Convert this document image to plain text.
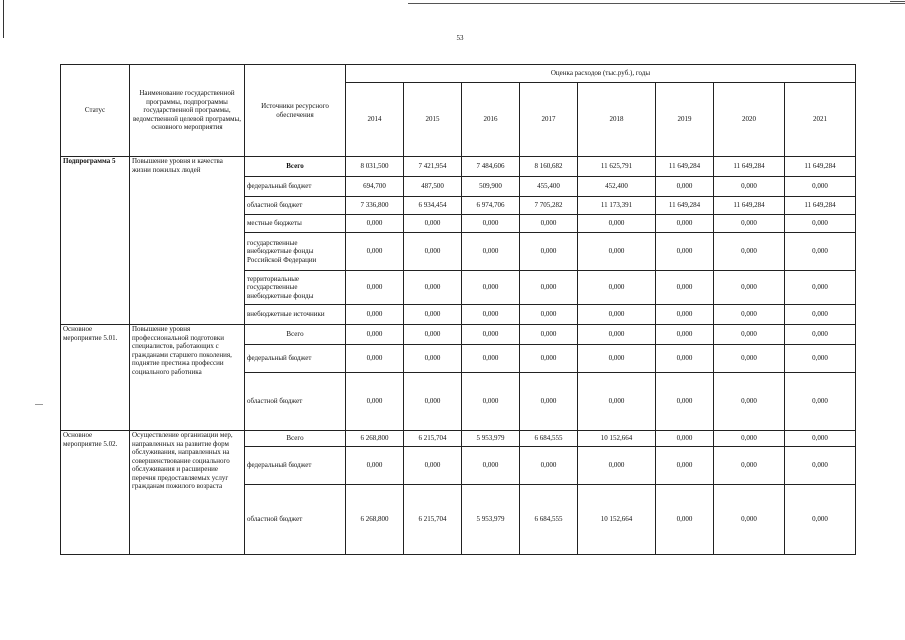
53
Статус	Наименование государственной программы, подпрограммы государственной программы, ведомственной целевой программы, основного мероприятия	Источники ресурсного обеспечения	Оценка расходов (тыс.руб.), годы							
			2014	2015	2016	2017	2018	2019	2020	2021
Подпрограмма 5	Повышение уровня и качества жизни пожилых людей	Всего	8 031,500	7 421,954	7 484,606	8 160,682	11 625,791	11 649,284	11 649,284	11 649,284
		федеральный бюджет	694,700	487,500	509,900	455,400	452,400	0,000	0,000	0,000
		областной бюджет	7 336,800	6 934,454	6 974,706	7 705,282	11 173,391	11 649,284	11 649,284	11 649,284
		местные бюджеты	0,000	0,000	0,000	0,000	0,000	0,000	0,000	0,000
		государственные внебюджетные фонды Российской Федерации	0,000	0,000	0,000	0,000	0,000	0,000	0,000	0,000
		территориальные государственные внебюджетные фонды	0,000	0,000	0,000	0,000	0,000	0,000	0,000	0,000
		внебюджетные источники	0,000	0,000	0,000	0,000	0,000	0,000	0,000	0,000
Основное мероприятие 5.01.	Повышение уровня профессиональной подготовки специалистов, работающих с гражданами старшего поколения, поднятие престижа профессии социального работника	Всего	0,000	0,000	0,000	0,000	0,000	0,000	0,000	0,000
		федеральный бюджет	0,000	0,000	0,000	0,000	0,000	0,000	0,000	0,000
		областной бюджет	0,000	0,000	0,000	0,000	0,000	0,000	0,000	0,000
Основное мероприятие 5.02.	Осуществление организации мер, направленных на развитие форм обслуживания, направленных на совершенствование социального обслуживания и расширение перечня предоставляемых услуг гражданам пожилого возраста	Всего	6 268,800	6 215,704	5 953,979	6 684,555	10 152,664	0,000	0,000	0,000
		федеральный бюджет	0,000	0,000	0,000	0,000	0,000	0,000	0,000	0,000
		областной бюджет	6 268,800	6 215,704	5 953,979	6 684,555	10 152,664	0,000	0,000	0,000
